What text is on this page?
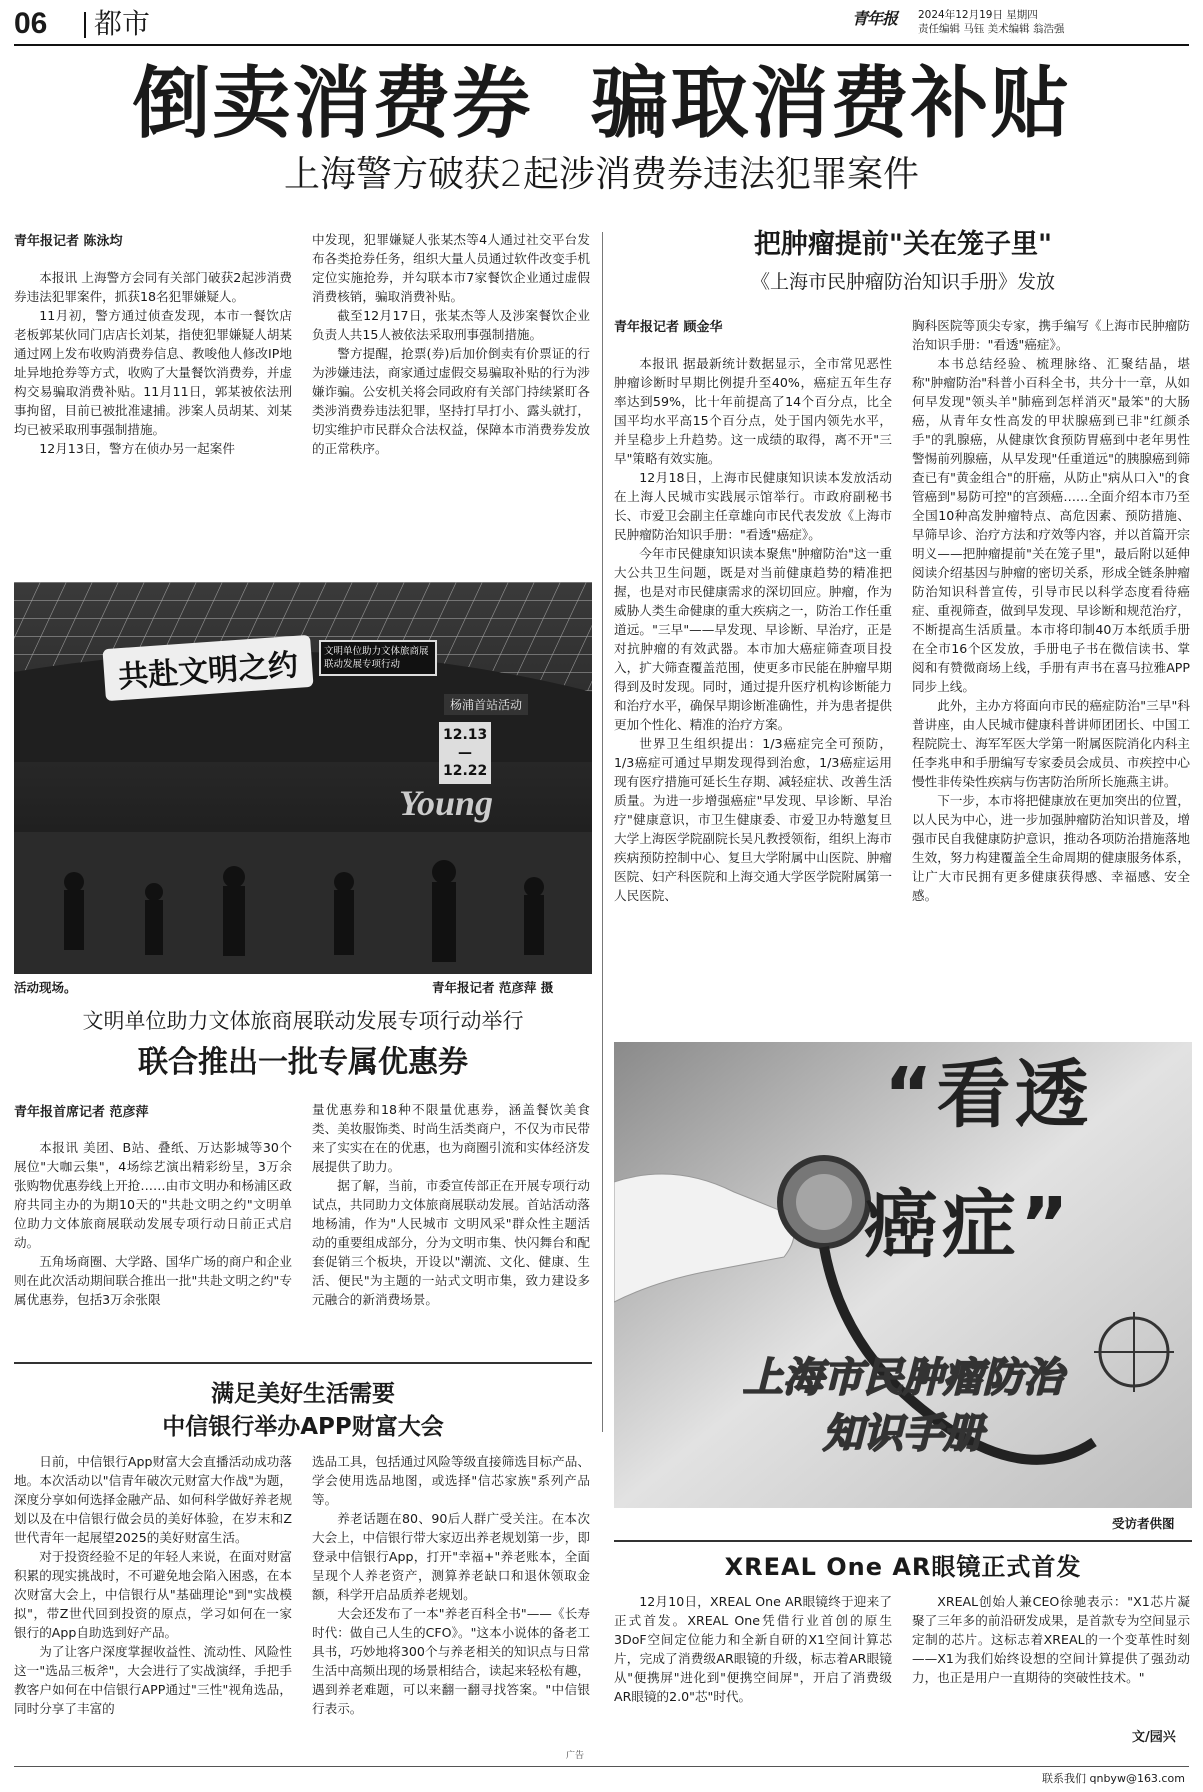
06 都市	青年报 2024年12月19日 星期四
责任编辑 马钰 美术编辑 翁浩强
倒卖消费券  骗取消费补贴
上海警方破获2起涉消费券违法犯罪案件
青年报记者 陈泳均

本报讯 上海警方会同有关部门破获2起涉消费券违法犯罪案件，抓获18名犯罪嫌疑人。

11月初，警方通过侦查发现，本市一餐饮店老板郭某伙同门店店长刘某，指使犯罪嫌疑人胡某通过网上发布收购消费券信息、教唆他人修改IP地址异地抢券等方式，收购了大量餐饮消费券，并虚构交易骗取消费补贴。11月11日，郭某被依法刑事拘留，目前已被批准逮捕。涉案人员胡某、刘某均已被采取刑事强制措施。

12月13日，警方在侦办另一起案件

中发现，犯罪嫌疑人张某杰等4人通过社交平台发布各类抢券任务，组织大量人员通过软件改变手机定位实施抢券，并勾联本市7家餐饮企业通过虚假消费核销，骗取消费补贴。

截至12月17日，张某杰等人及涉案餐饮企业负责人共15人被依法采取刑事强制措施。

警方提醒，抢票(券)后加价倒卖有价票证的行为涉嫌违法，商家通过虚假交易骗取补贴的行为涉嫌诈骗。公安机关将会同政府有关部门持续紧盯各类涉消费券违法犯罪，坚持打早打小、露头就打，切实维护市民群众合法权益，保障本市消费券发放的正常秩序。

共赴文明之约	文明单位助力文体旅商展联动发展专项行动
杨浦首站活动
12.13 — 12.22
Young
活动现场。	青年报记者 范彦萍 摄
文明单位助力文体旅商展联动发展专项行动举行
联合推出一批专属优惠券
青年报首席记者 范彦萍

本报讯 美团、B站、叠纸、万达影城等30个展位"大咖云集"，4场综艺演出精彩纷呈，3万余张购物优惠券线上开抢……由市文明办和杨浦区政府共同主办的为期10天的"共赴文明之约"文明单位助力文体旅商展联动发展专项行动日前正式启动。

五角场商圈、大学路、国华广场的商户和企业则在此次活动期间联合推出一批"共赴文明之约"专属优惠券，包括3万余张限

量优惠券和18种不限量优惠券，涵盖餐饮美食类、美妆服饰类、时尚生活类商户，不仅为市民带来了实实在在的优惠，也为商圈引流和实体经济发展提供了助力。

据了解，当前，市委宣传部正在开展专项行动试点，共同助力文体旅商展联动发展。首站活动落地杨浦，作为"人民城市 文明风采"群众性主题活动的重要组成部分，分为文明市集、快闪舞台和配套促销三个板块，开设以"潮流、文化、健康、生活、便民"为主题的一站式文明市集，致力建设多元融合的新消费场景。

满足美好生活需要
中信银行举办APP财富大会

日前，中信银行App财富大会直播活动成功落地。本次活动以"信青年破次元财富大作战"为题，深度分享如何选择金融产品、如何科学做好养老规划以及在中信银行做会员的美好体验，在岁末和Z世代青年一起展望2025的美好财富生活。

对于投资经验不足的年轻人来说，在面对财富积累的现实挑战时，不可避免地会陷入困惑，在本次财富大会上，中信银行从"基础理论"到"实战模拟"，带Z世代回到投资的原点，学习如何在一家银行的App自助选到好产品。

为了让客户深度掌握收益性、流动性、风险性这一"选品三板斧"，大会进行了实战演绎，手把手教客户如何在中信银行APP通过"三性"视角选品，同时分享了丰富的

选品工具，包括通过风险等级直接筛选目标产品、学会使用选品地图，或选择"信芯家族"系列产品等。

养老话题在80、90后人群广受关注。在本次大会上，中信银行带大家迈出养老规划第一步，即登录中信银行App，打开"幸福+"养老账本，全面呈现个人养老资产，测算养老缺口和退休领取金额，科学开启品质养老规划。

大会还发布了一本"养老百科全书"——《长寿时代：做自己人生的CFO》。"这本小说体的备老工具书，巧妙地将300个与养老相关的知识点与日常生活中高频出现的场景相结合，读起来轻松有趣，遇到养老难题，可以来翻一翻寻找答案。"中信银行表示。

广告
把肿瘤提前"关在笼子里"
《上海市民肿瘤防治知识手册》发放
青年报记者 顾金华

本报讯 据最新统计数据显示，全市常见恶性肿瘤诊断时早期比例提升至40%，癌症五年生存率达到59%，比十年前提高了14个百分点，比全国平均水平高15个百分点，处于国内领先水平，并呈稳步上升趋势。这一成绩的取得，离不开"三早"策略有效实施。

12月18日，上海市民健康知识读本发放活动在上海人民城市实践展示馆举行。市政府副秘书长、市爱卫会副主任章雄向市民代表发放《上海市民肿瘤防治知识手册："看透"癌症》。

今年市民健康知识读本聚焦"肿瘤防治"这一重大公共卫生问题，既是对当前健康趋势的精准把握，也是对市民健康需求的深切回应。肿瘤，作为威胁人类生命健康的重大疾病之一，防治工作任重道远。"三早"——早发现、早诊断、早治疗，正是对抗肿瘤的有效武器。本市加大癌症筛查项目投入，扩大筛查覆盖范围，使更多市民能在肿瘤早期得到及时发现。同时，通过提升医疗机构诊断能力和治疗水平，确保早期诊断准确性，并为患者提供更加个性化、精准的治疗方案。

世界卫生组织提出：1/3癌症完全可预防，1/3癌症可通过早期发现得到治愈，1/3癌症运用现有医疗措施可延长生存期、减轻症状、改善生活质量。为进一步增强癌症"早发现、早诊断、早治疗"健康意识，市卫生健康委、市爱卫办特邀复旦大学上海医学院副院长吴凡教授领衔，组织上海市疾病预防控制中心、复旦大学附属中山医院、肿瘤医院、妇产科医院和上海交通大学医学院附属第一人民医院、

胸科医院等顶尖专家，携手编写《上海市民肿瘤防治知识手册："看透"癌症》。

本书总结经验、梳理脉络、汇聚结晶，堪称"肿瘤防治"科普小百科全书，共分十一章，从如何早发现"领头羊"肺癌到怎样消灭"最笨"的大肠癌，从青年女性高发的甲状腺癌到已非"红颜杀手"的乳腺癌，从健康饮食预防胃癌到中老年男性警惕前列腺癌，从早发现"任重道远"的胰腺癌到筛查已有"黄金组合"的肝癌，从防止"病从口入"的食管癌到"易防可控"的宫颈癌……全面介绍本市乃至全国10种高发肿瘤特点、高危因素、预防措施、早筛早诊、治疗方法和疗效等内容，并以首篇开宗明义——把肿瘤提前"关在笼子里"，最后附以延伸阅读介绍基因与肿瘤的密切关系，形成全链条肿瘤防治知识科普宣传，引导市民以科学态度看待癌症、重视筛查，做到早发现、早诊断和规范治疗，不断提高生活质量。本市将印制40万本纸质手册在全市16个区发放，手册电子书在微信读书、掌阅和有赞微商场上线，手册有声书在喜马拉雅APP同步上线。

此外，主办方将面向市民的癌症防治"三早"科普讲座，由人民城市健康科普讲师团团长、中国工程院院士、海军军医大学第一附属医院消化内科主任李兆申和手册编写专家委员会成员、市疾控中心慢性非传染性疾病与伤害防治所所长施燕主讲。

下一步，本市将把健康放在更加突出的位置，以人民为中心，进一步加强肿瘤防治知识普及，增强市民自我健康防护意识，推动各项防治措施落地生效，努力构建覆盖全生命周期的健康服务体系，让广大市民拥有更多健康获得感、幸福感、安全感。

“看透
癌症”
上海市民肿瘤防治
知识手册
受访者供图
XREAL One AR眼镜正式首发

12月10日，XREAL One AR眼镜终于迎来了正式首发。XREAL One凭借行业首创的原生3DoF空间定位能力和全新自研的X1空间计算芯片，完成了消费级AR眼镜的升级，标志着AR眼镜从"便携屏"进化到"便携空间屏"，开启了消费级AR眼镜的2.0"芯"时代。

XREAL创始人兼CEO徐驰表示："X1芯片凝聚了三年多的前沿研发成果，是首款专为空间显示定制的芯片。这标志着XREAL的一个变革性时刻——X1为我们始终设想的空间计算提供了强劲动力，也正是用户一直期待的突破性技术。"

文/园兴
联系我们 qnbyw@163.com
